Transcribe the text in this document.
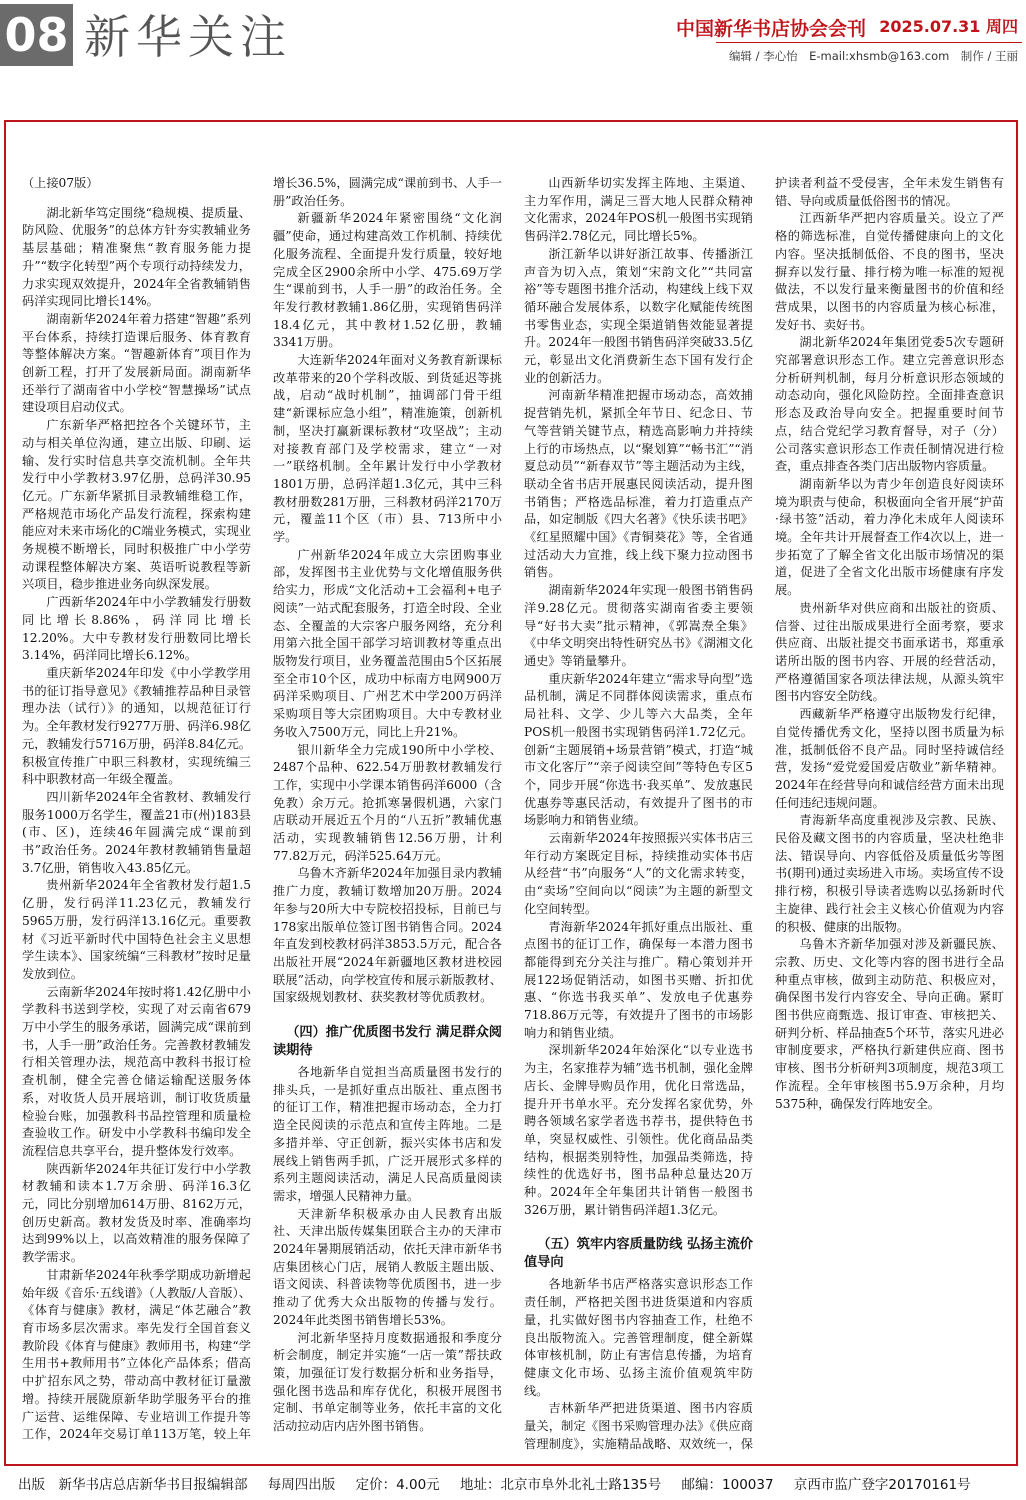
08 新华关注	中国新华书店协会会刊 2025.07.31 周四
编辑 / 李心怡　E-mail:xhsmb@163.com　制作 / 王丽

（上接07版）

湖北新华笃定围绕“稳规模、提质量、防风险、优服务”的总体方针夯实教辅业务基层基础；精准聚焦“教育服务能力提升”“数字化转型”两个专项行动持续发力，力求实现双效提升，2024年全省教辅销售码洋实现同比增长14%。

湖南新华2024年着力搭建“智趣”系列平台体系，持续打造课后服务、体育教育等整体解决方案。“智趣新体育”项目作为创新工程，打开了发展新局面。湖南新华还举行了湖南省中小学校“智慧操场”试点建设项目启动仪式。

广东新华严格把控各个关键环节，主动与相关单位沟通，建立出版、印刷、运输、发行实时信息共享交流机制。全年共发行中小学教材3.97亿册，总码洋30.95亿元。广东新华紧抓目录教辅维稳工作，严格规范市场化产品发行流程，探索构建能应对未来市场化的C端业务模式，实现业务规模不断增长，同时积极推广中小学劳动课程整体解决方案、英语听说教程等新兴项目，稳步推进业务向纵深发展。

广西新华2024年中小学教辅发行册数同比增长8.86%，码洋同比增长12.20%。大中专教材发行册数同比增长3.14%，码洋同比增长6.12%。

重庆新华2024年印发《中小学教学用书的征订指导意见》《教辅推荐品种目录管理办法（试行）》的通知，以规范征订行为。全年教材发行9277万册、码洋6.98亿元，教辅发行5716万册，码洋8.84亿元。积极宣传推广中职三科教材，实现统编三科中职教材高一年级全覆盖。

四川新华2024年全省教材、教辅发行服务1000万名学生，覆盖21市(州)183县(市、区)，连续46年圆满完成“课前到书”政治任务。2024年教材教辅销售量超3.7亿册，销售收入43.85亿元。

贵州新华2024年全省教材发行超1.5亿册，发行码洋11.23亿元，教辅发行5965万册，发行码洋13.16亿元。重要教材《习近平新时代中国特色社会主义思想学生读本》、国家统编“三科教材”按时足量发放到位。

云南新华2024年按时将1.42亿册中小学教科书送到学校，实现了对云南省679万中小学生的服务承诺，圆满完成“课前到书，人手一册”政治任务。完善教材教辅发行相关管理办法，规范高中教科书报订检查机制，健全完善仓储运输配送服务体系，对收货人员开展培训，制订收货质量检验台账，加强教科书品控管理和质量检查验收工作。研发中小学教科书编印发全流程信息共享平台，提升整体发行效率。

陕西新华2024年共征订发行中小学教材教辅和读本1.7万余册、码洋16.3亿元，同比分别增加614万册、8162万元，创历史新高。教材发货及时率、准确率均达到99%以上，以高效精准的服务保障了教学需求。

甘肃新华2024年秋季学期成功新增起始年级《音乐·五线谱》（人教版/人音版）、《体育与健康》教材，满足“体艺融合”教育市场多层次需求。率先发行全国首套义教阶段《体育与健康》教师用书，构建“学生用书+教师用书”立体化产品体系；借高中扩招东风之势，带动高中教材征订量激增。持续开展陇原新华助学服务平台的推广运营、运维保障、专业培训工作提升等工作，2024年交易订单113万笔，较上年增长36.5%，圆满完成“课前到书、人手一册”政治任务。

新疆新华2024年紧密围绕“文化润疆”使命，通过构建高效工作机制、持续优化服务流程、全面提升发行质量，较好地完成全区2900余所中小学、475.69万学生“课前到书，人手一册”的政治任务。全年发行教材教辅1.86亿册，实现销售码洋18.4亿元，其中教材1.52亿册，教辅3341万册。

大连新华2024年面对义务教育新课标改革带来的20个学科改版、到货延迟等挑战，启动“战时机制”，抽调部门骨干组建“新课标应急小组”，精准施策，创新机制，坚决打赢新课标教材“攻坚战”；主动对接教育部门及学校需求，建立“一对一”联络机制。全年累计发行中小学教材1801万册，总码洋超1.3亿元，其中三科教材册数281万册，三科教材码洋2170万元，覆盖11个区（市）县、713所中小学。

广州新华2024年成立大宗团购事业部，发挥图书主业优势与文化增值服务供给实力，形成“文化活动+工会福利+电子阅读”一站式配套服务，打造全时段、全业态、全覆盖的大宗客户服务网络，充分利用第六批全国干部学习培训教材等重点出版物发行项目，业务覆盖范围由5个区拓展至全市10个区，成功中标南方电网900万码洋采购项目、广州艺术中学200万码洋采购项目等大宗团购项目。大中专教材业务收入7500万元，同比上升21%。

银川新华全力完成190所中小学校、2487个品种、622.54万册教材教辅发行工作，实现中小学课本销售码洋6000（含免教）余万元。抢抓寒暑假机遇，六家门店联动开展近五个月的“八五折”教辅优惠活动，实现教辅销售12.56万册，计利77.82万元，码洋525.64万元。

乌鲁木齐新华2024年加强目录内教辅推广力度，教辅订数增加20万册。2024年参与20所大中专院校招投标，目前已与178家出版单位签订图书销售合同。2024年直发到校教材码洋3853.5万元，配合各出版社开展“2024年新疆地区教材进校园联展”活动，向学校宣传和展示新版教材、国家级规划教材、获奖教材等优质教材。

（四）推广优质图书发行 满足群众阅读期待

各地新华自觉担当高质量图书发行的排头兵，一是抓好重点出版社、重点图书的征订工作，精准把握市场动态，全力打造全民阅读的示范点和宣传主阵地。二是多措并举、守正创新，振兴实体书店和发展线上销售两手抓，广泛开展形式多样的系列主题阅读活动，满足人民高质量阅读需求，增强人民精神力量。

天津新华积极承办由人民教育出版社、天津出版传媒集团联合主办的天津市2024年暑期展销活动，依托天津市新华书店集团核心门店，展销人教版主题出版、语文阅读、科普读物等优质图书，进一步推动了优秀大众出版物的传播与发行。2024年此类图书销售增长53%。

河北新华坚持月度数据通报和季度分析会制度，制定并实施“一店一策”帮扶政策，加强征订发行数据分析和业务指导，强化图书选品和库存优化，积极开展图书定制、书单定制等业务，依托丰富的文化活动拉动店内店外图书销售。

山西新华切实发挥主阵地、主渠道、主力军作用，满足三晋大地人民群众精神文化需求，2024年POS机一般图书实现销售码洋2.78亿元，同比增长5%。

浙江新华以讲好浙江故事、传播浙江声音为切入点，策划“宋韵文化”“共同富裕”等专题图书推介活动，构建线上线下双循环融合发展体系，以数字化赋能传统图书零售业态，实现全渠道销售效能显著提升。2024年一般图书销售码洋突破33.5亿元，彰显出文化消费新生态下国有发行企业的创新活力。

河南新华精准把握市场动态，高效捕捉营销先机，紧抓全年节日、纪念日、节气等营销关键节点，精选高影响力并持续上行的市场热点，以“聚划算”“畅书汇”“消夏总动员”“新春双节”等主题活动为主线，联动全省书店开展惠民阅读活动，提升图书销售；严格选品标准，着力打造重点产品，如定制版《四大名著》《快乐读书吧》《红星照耀中国》《青铜葵花》等，全省通过活动大力宣推，线上线下聚力拉动图书销售。

湖南新华2024年实现一般图书销售码洋9.28亿元。贯彻落实湖南省委主要领导“好书大卖”批示精神，《郭嵩焘全集》《中华文明突出特性研究丛书》《湖湘文化通史》等销量攀升。

重庆新华2024年建立“需求导向型”选品机制，满足不同群体阅读需求，重点布局社科、文学、少儿等六大品类，全年POS机一般图书实现销售码洋1.72亿元。创新“主题展销+场景营销”模式，打造“城市文化客厅”“亲子阅读空间”等特色专区5个，同步开展“你选书·我买单”、发放惠民优惠券等惠民活动，有效提升了图书的市场影响力和销售业绩。

云南新华2024年按照振兴实体书店三年行动方案既定目标，持续推动实体书店从经营“书”向服务“人”的文化需求转变，由“卖场”空间向以“阅读”为主题的新型文化空间转型。

青海新华2024年抓好重点出版社、重点图书的征订工作，确保每一本潜力图书都能得到充分关注与推广。精心策划并开展122场促销活动，如图书买赠、折扣优惠、“你选书我买单”、发放电子优惠券718.86万元等，有效提升了图书的市场影响力和销售业绩。

深圳新华2024年始深化“以专业选书为主，名家推荐为辅”选书机制，强化金牌店长、金牌导购员作用，优化日常选品，提升开书单水平。充分发挥名家优势，外聘各领域名家学者选书荐书，提供特色书单，突显权威性、引领性。优化商品品类结构，根据类别特性，加强品类筛选，持续性的优选好书，图书品种总量达20万种。2024年全年集团共计销售一般图书326万册，累计销售码洋超1.3亿元。

（五）筑牢内容质量防线 弘扬主流价值导向

各地新华书店严格落实意识形态工作责任制，严格把关图书进货渠道和内容质量，扎实做好图书内容抽查工作，杜绝不良出版物流入。完善管理制度，健全新媒体审核机制，防止有害信息传播，为培育健康文化市场、弘扬主流价值观筑牢防线。

吉林新华严把进货渠道、图书内容质量关，制定《图书采购管理办法》《供应商管理制度》，实施精品战略、双效统一，保护读者利益不受侵害，全年未发生销售有错、导向或质量低俗图书的情况。

江西新华严把内容质量关。设立了严格的筛选标准，自觉传播健康向上的文化内容。坚决抵制低俗、不良的图书，坚决摒弃以发行量、排行榜为唯一标准的短视做法，不以发行量来衡量图书的价值和经营成果，以图书的内容质量为核心标准，发好书、卖好书。

湖北新华2024年集团党委5次专题研究部署意识形态工作。建立完善意识形态分析研判机制，每月分析意识形态领域的动态动向，强化风险防控。全面排查意识形态及政治导向安全。把握重要时间节点，结合党纪学习教育督导，对子（分）公司落实意识形态工作责任制情况进行检查，重点排查各类门店出版物内容质量。

湖南新华以为青少年创造良好阅读环境为职责与使命，积极面向全省开展“护苗·绿书签”活动，着力净化未成年人阅读环境。全年共计开展督查工作4次以上，进一步拓宽了了解全省文化出版市场情况的渠道，促进了全省文化出版市场健康有序发展。

贵州新华对供应商和出版社的资质、信誉、过往出版成果进行全面考察，要求供应商、出版社提交书面承诺书，郑重承诺所出版的图书内容、开展的经营活动，严格遵循国家各项法律法规，从源头筑牢图书内容安全防线。

西藏新华严格遵守出版物发行纪律，自觉传播优秀文化，坚持以图书质量为标准，抵制低俗不良产品。同时坚持诚信经营，发扬“爱党爱国爱店敬业”新华精神。2024年在经营导向和诚信经营方面未出现任何违纪违规问题。

青海新华高度重视涉及宗教、民族、民俗及藏文图书的内容质量，坚决杜绝非法、错误导向、内容低俗及质量低劣等图书(期刊)通过卖场进入市场。卖场宣传不设排行榜，积极引导读者选购以弘扬新时代主旋律、践行社会主义核心价值观为内容的积极、健康的出版物。

乌鲁木齐新华加强对涉及新疆民族、宗教、历史、文化等内容的图书进行全品种重点审核，做到主动防范、积极应对，确保图书发行内容安全、导向正确。紧盯图书供应商甄选、报订审查、审核把关、研判分析、样品抽查5个环节，落实凡进必审制度要求，严格执行新建供应商、图书审核、图书分析研判3项制度，规范3项工作流程。全年审核图书5.9万余种，月均5375种，确保发行阵地安全。

出版　新华书店总店新华书目报编辑部 每周四出版 定价：4.00元 地址：北京市阜外北礼士路135号 邮编：100037 京西市监广登字20170161号
